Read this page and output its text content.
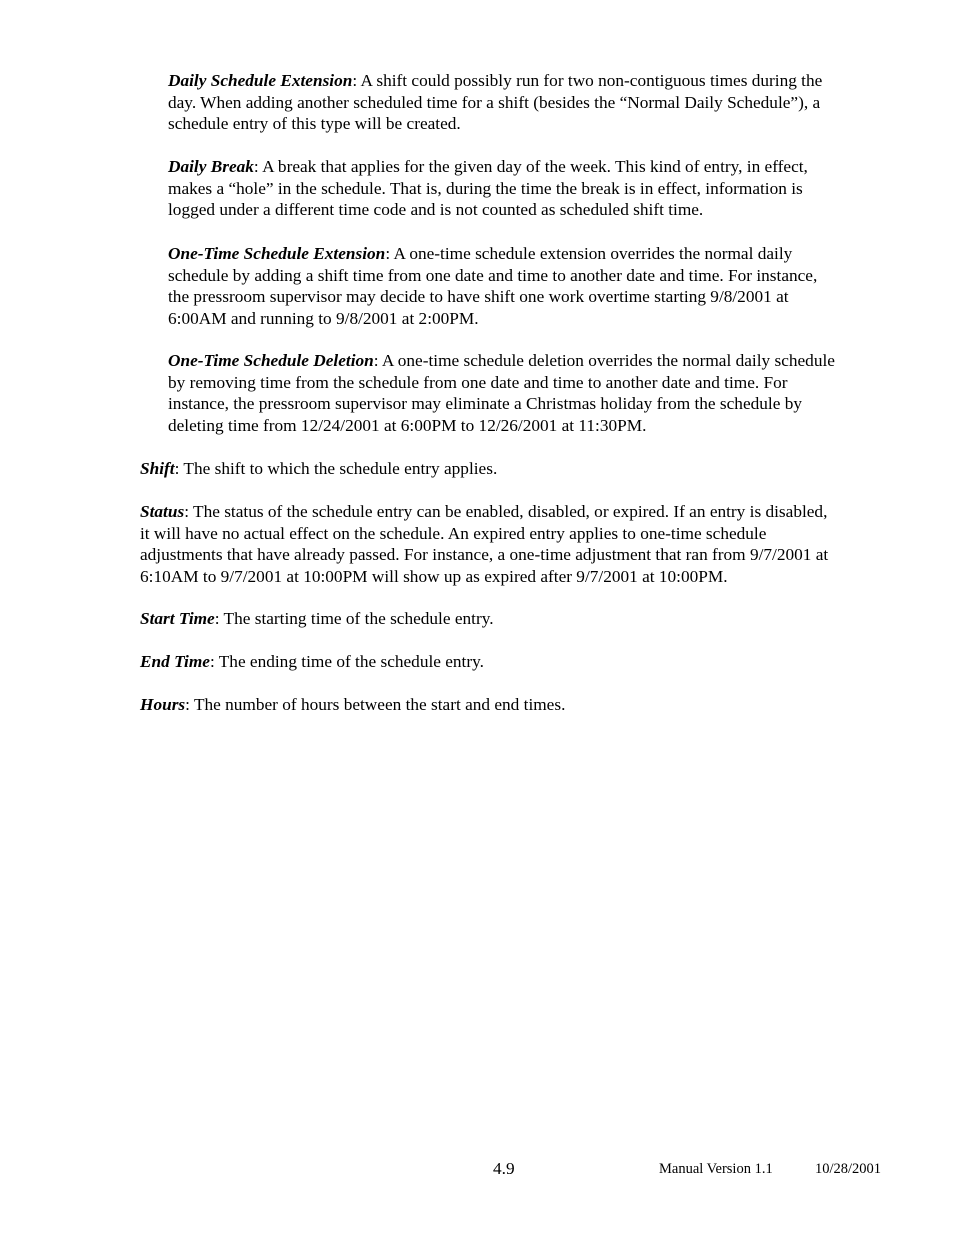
Daily Schedule Extension: A shift could possibly run for two non-contiguous times during the
day. When adding another scheduled time for a shift (besides the “Normal Daily Schedule”), a
schedule entry of this type will be created.

Daily Break: A break that applies for the given day of the week. This kind of entry, in effect,
makes a “hole” in the schedule. That is, during the time the break is in effect, information is
logged under a different time code and is not counted as scheduled shift time.

One-Time Schedule Extension: A one-time schedule extension overrides the normal daily
schedule by adding a shift time from one date and time to another date and time. For instance,
the pressroom supervisor may decide to have shift one work overtime starting 9/8/2001 at
6:00AM and running to 9/8/2001 at 2:00PM.

One-Time Schedule Deletion: A one-time schedule deletion overrides the normal daily schedule
by removing time from the schedule from one date and time to another date and time. For
instance, the pressroom supervisor may eliminate a Christmas holiday from the schedule by
deleting time from 12/24/2001 at 6:00PM to 12/26/2001 at 11:30PM.

Shift: The shift to which the schedule entry applies.

Status: The status of the schedule entry can be enabled, disabled, or expired. If an entry is disabled,
it will have no actual effect on the schedule. An expired entry applies to one-time schedule
adjustments that have already passed. For instance, a one-time adjustment that ran from 9/7/2001 at
6:10AM to 9/7/2001 at 10:00PM will show up as expired after 9/7/2001 at 10:00PM.

Start Time: The starting time of the schedule entry.

End Time: The ending time of the schedule entry.

Hours: The number of hours between the start and end times.

4.9	Manual Version 1.1	10/28/2001
